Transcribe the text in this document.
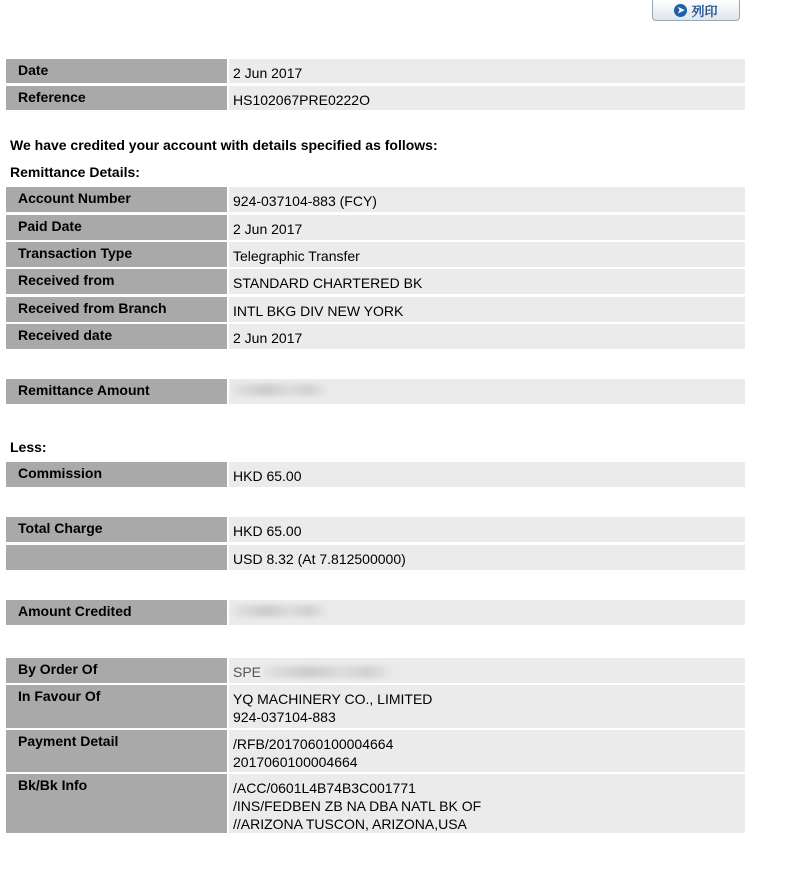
➤ 列印
Date	2 Jun 2017
Reference	HS102067PRE0222O
We have credited your account with details specified as follows:
Remittance Details:
Account Number	924-037104-883 (FCY)
Paid Date	2 Jun 2017
Transaction Type	Telegraphic Transfer
Received from	STANDARD CHARTERED BK
Received from Branch	INTL BKG DIV NEW YORK
Received date	2 Jun 2017
Remittance Amount
Less:
Commission	HKD 65.00
Total Charge	HKD 65.00
USD 8.32 (At 7.812500000)
Amount Credited
By Order Of	SPE
In Favour Of	YQ MACHINERY CO., LIMITED
924-037104-883
Payment Detail	/RFB/2017060100004664
2017060100004664
Bk/Bk Info	/ACC/0601L4B74B3C001771
/INS/FEDBEN ZB NA DBA NATL BK OF
//ARIZONA TUSCON, ARIZONA,USA
